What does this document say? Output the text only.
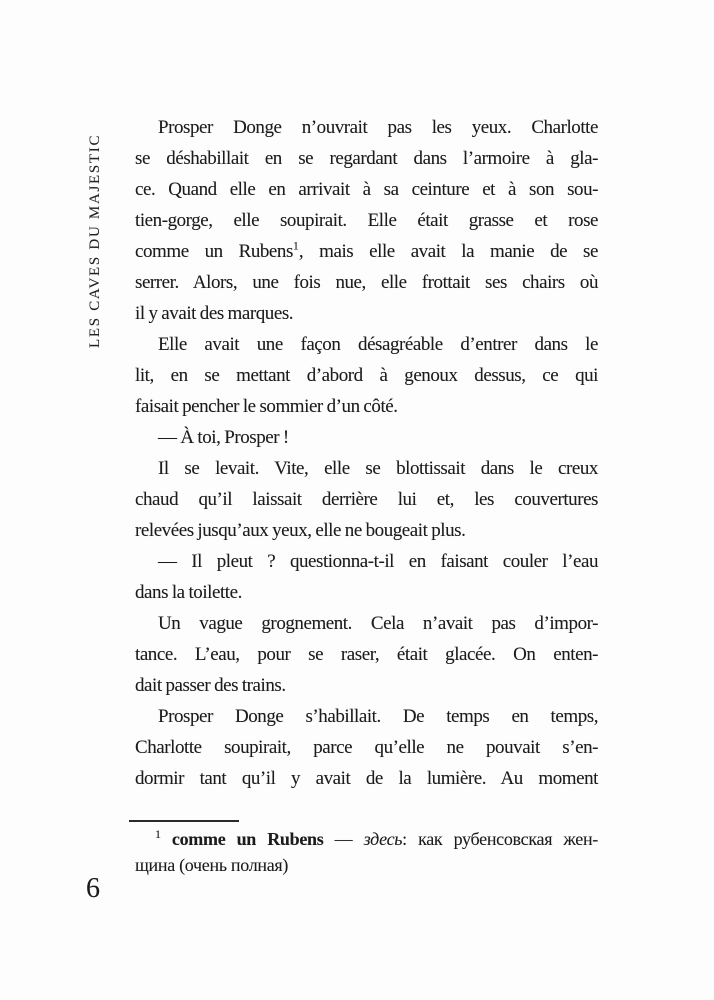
LES CAVES DU MAJESTIC
Prosper Donge n’ouvrait pas les yeux. Charlotte
se déshabillait en se regardant dans l’armoire à gla-
ce. Quand elle en arrivait à sa ceinture et à son sou-
tien-gorge, elle soupirait. Elle était grasse et rose
comme un Rubens$^1$, mais elle avait la manie de se
serrer. Alors, une fois nue, elle frottait ses chairs où
il y avait des marques.
Elle avait une façon désagréable d’entrer dans le
lit, en se mettant d’abord à genoux dessus, ce qui
faisait pencher le sommier d’un côté.
— À toi, Prosper !
Il se levait. Vite, elle se blottissait dans le creux
chaud qu’il laissait derrière lui et, les couvertures
relevées jusqu’aux yeux, elle ne bougeait plus.
— Il pleut ? questionna-t-il en faisant couler l’eau
dans la toilette.
Un vague grognement. Cela n’avait pas d’impor-
tance. L’eau, pour se raser, était glacée. On enten-
dait passer des trains.
Prosper Donge s’habillait. De temps en temps,
Charlotte soupirait, parce qu’elle ne pouvait s’en-
dormir tant qu’il y avait de la lumière. Au moment
$^1$ comme un Rubens — здесь: как рубенсовская жен-
щина (очень полная)
6
